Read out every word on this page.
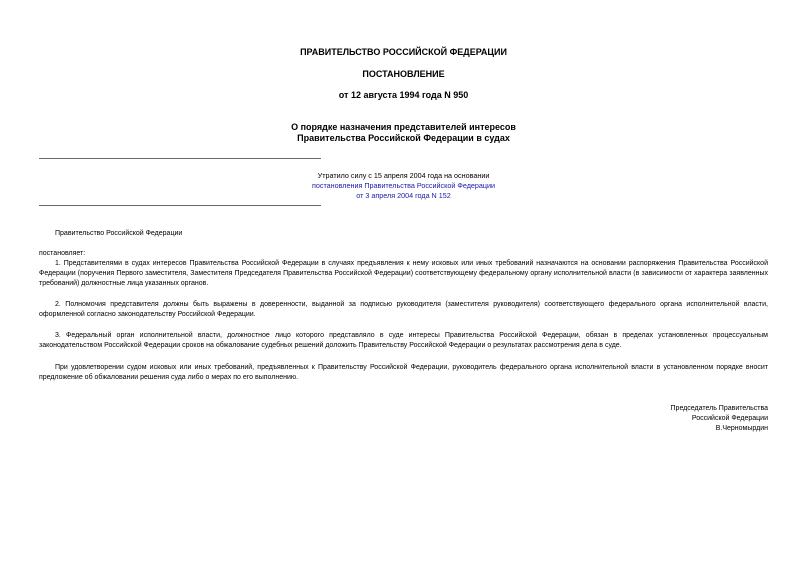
ПРАВИТЕЛЬСТВО РОССИЙСКОЙ ФЕДЕРАЦИИ
ПОСТАНОВЛЕНИЕ
от 12 августа 1994 года N 950
О порядке назначения представителей интересов
Правительства Российской Федерации в судах
Утратило силу с 15 апреля 2004 года на основании
постановления Правительства Российской Федерации
от 3 апреля 2004 года N 152
Правительство Российской Федерации
постановляет:
1. Представителями в судах интересов Правительства Российской Федерации в случаях предъявления к нему исковых или иных требований назначаются на основании распоряжения Правительства Российской Федерации (поручения Первого заместителя, Заместителя Председателя Правительства Российской Федерации) соответствующему федеральному органу исполнительной власти (в зависимости от характера заявленных требований) должностные лица указанных органов.
2. Полномочия представителя должны быть выражены в доверенности, выданной за подписью руководителя (заместителя руководителя) соответствующего федерального органа исполнительной власти, оформленной согласно законодательству Российской Федерации.
3. Федеральный орган исполнительной власти, должностное лицо которого представляло в суде интересы Правительства Российской Федерации, обязан в пределах установленных процессуальным законодательством Российской Федерации сроков на обжалование судебных решений доложить Правительству Российской Федерации о результатах рассмотрения дела в суде.
При удовлетворении судом исковых или иных требований, предъявленных к Правительству Российской Федерации, руководитель федерального органа исполнительной власти в установленном порядке вносит предложение об обжаловании решения суда либо о мерах по его выполнению.
Председатель Правительства
Российской Федерации
В.Черномырдин
